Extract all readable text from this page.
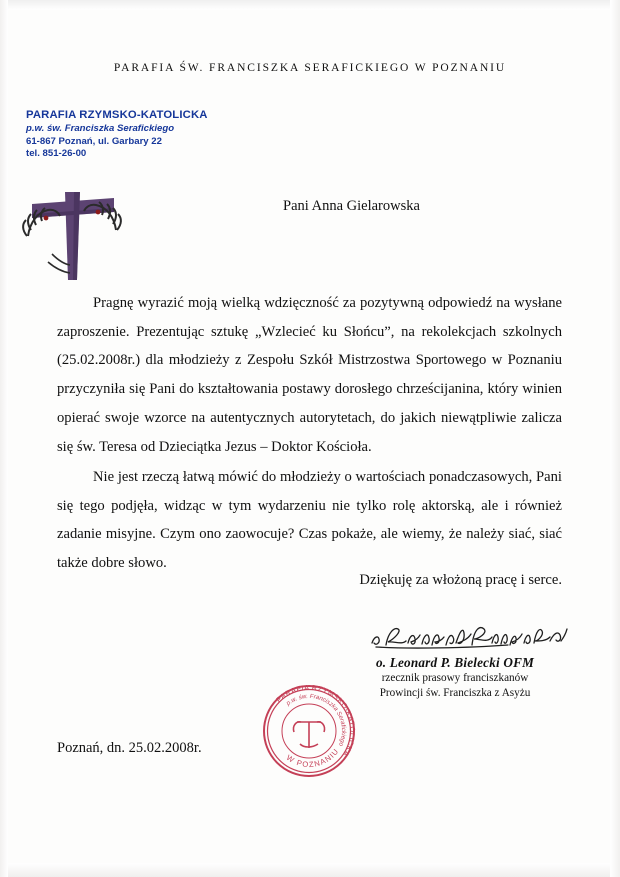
PARAFIA ŚW. FRANCISZKA SERAFICKIEGO W POZNANIU
PARAFIA RZYMSKO-KATOLICKA
p.w. św. Franciszka Serafickiego
61-867 Poznań, ul. Garbary 22
tel. 851-26-00
Pani Anna Gielarowska

Pragnę wyrazić moją wielką wdzięczność za pozytywną odpowiedź na wysłane zaproszenie. Prezentując sztukę „Wzlecieć ku Słońcu”, na rekolekcjach szkolnych (25.02.2008r.) dla młodzieży z Zespołu Szkół Mistrzostwa Sportowego w Poznaniu przyczyniła się Pani do kształtowania postawy dorosłego chrześcijanina, który winien opierać swoje wzorce na autentycznych autorytetach, do jakich niewątpliwie zalicza się św. Teresa od Dzieciątka Jezus – Doktor Kościoła.

Nie jest rzeczą łatwą mówić do młodzieży o wartościach ponadczasowych, Pani się tego podjęła, widząc w tym wydarzeniu nie tylko rolę aktorską, ale i również zadanie misyjne. Czym ono zaowocuje? Czas pokaże, ale wiemy, że należy siać, siać także dobre słowo.

Dziękuję za włożoną pracę i serce.
o. Leonard P. Bielecki OFM
rzecznik prasowy franciszkanów
Prowincji św. Franciszka z Asyżu
PARAFIA RZYMSKO-KATOLICKA
p.w. św. Franciszka Serafickiego
W POZNANIU
Poznań, dn. 25.02.2008r.
